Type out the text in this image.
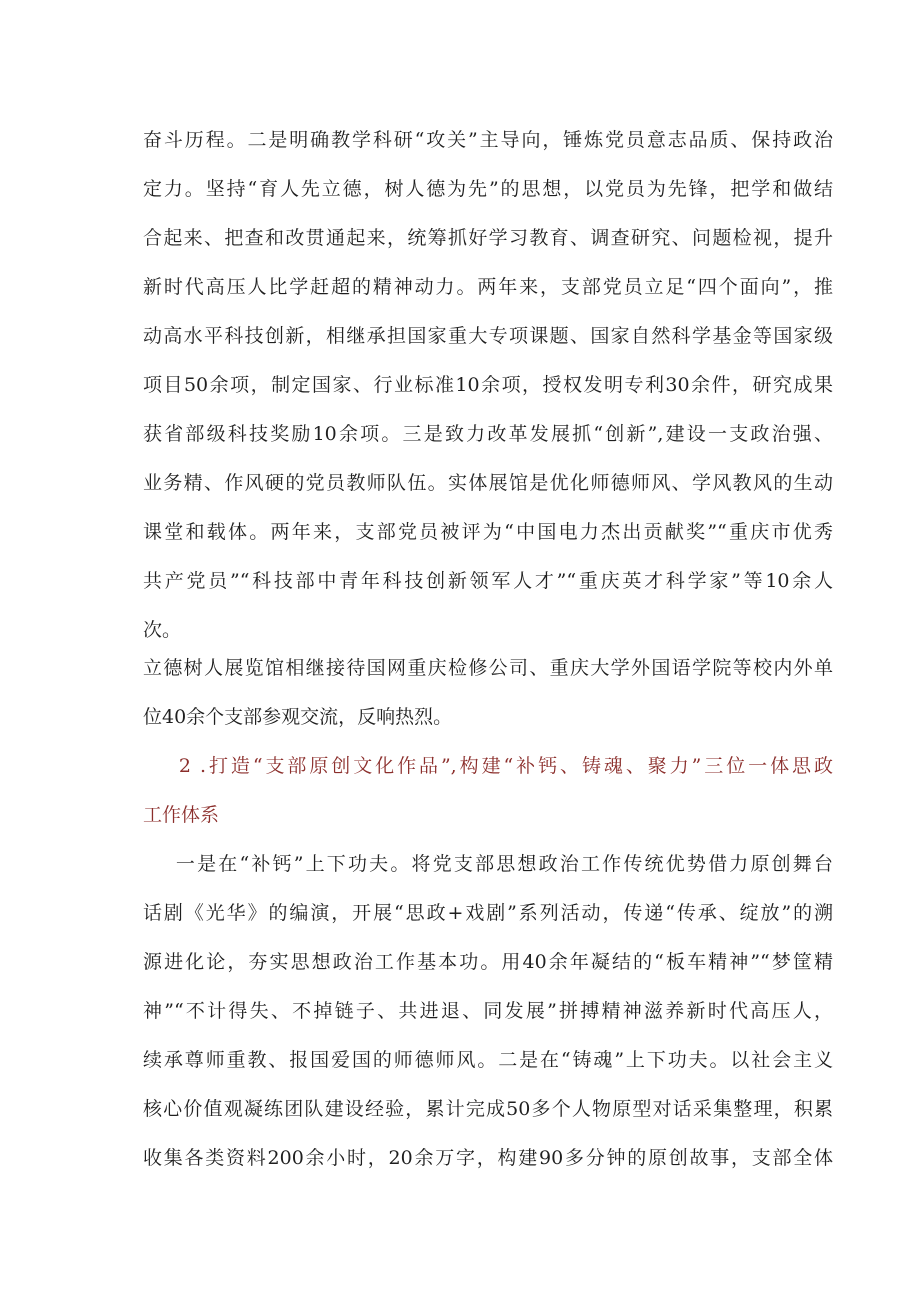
奋斗历程。二是明确教学科研“攻关”主导向，锤炼党员意志品质、保持政治
定力。坚持“育人先立德，树人德为先”的思想，以党员为先锋，把学和做结
合起来、把查和改贯通起来，统筹抓好学习教育、调查研究、问题检视，提升
新时代高压人比学赶超的精神动力。两年来，支部党员立足“四个面向”，推
动高水平科技创新，相继承担国家重大专项课题、国家自然科学基金等国家级
项目50余项，制定国家、行业标准10余项，授权发明专利30余件，研究成果
获省部级科技奖励10余项。三是致力改革发展抓“创新”,建设一支政治强、
业务精、作风硬的党员教师队伍。实体展馆是优化师德师风、学风教风的生动
课堂和载体。两年来，支部党员被评为“中国电力杰出贡献奖”“重庆市优秀
共产党员”“科技部中青年科技创新领军人才”“重庆英才科学家”等10余人
次。
立德树人展览馆相继接待国网重庆检修公司、重庆大学外国语学院等校内外单
位40余个支部参观交流，反响热烈。
2 .打造“支部原创文化作品”,构建“补钙、铸魂、聚力”三位一体思政
工作体系
一是在“补钙”上下功夫。将党支部思想政治工作传统优势借力原创舞台
话剧《光华》的编演，开展“思政+戏剧”系列活动，传递“传承、绽放”的溯
源进化论，夯实思想政治工作基本功。用40余年凝结的“板车精神”“梦筐精
神”“不计得失、不掉链子、共进退、同发展”拼搏精神滋养新时代高压人，
续承尊师重教、报国爱国的师德师风。二是在“铸魂”上下功夫。以社会主义
核心价值观凝练团队建设经验，累计完成50多个人物原型对话采集整理，积累
收集各类资料200余小时，20余万字，构建90多分钟的原创故事，支部全体
